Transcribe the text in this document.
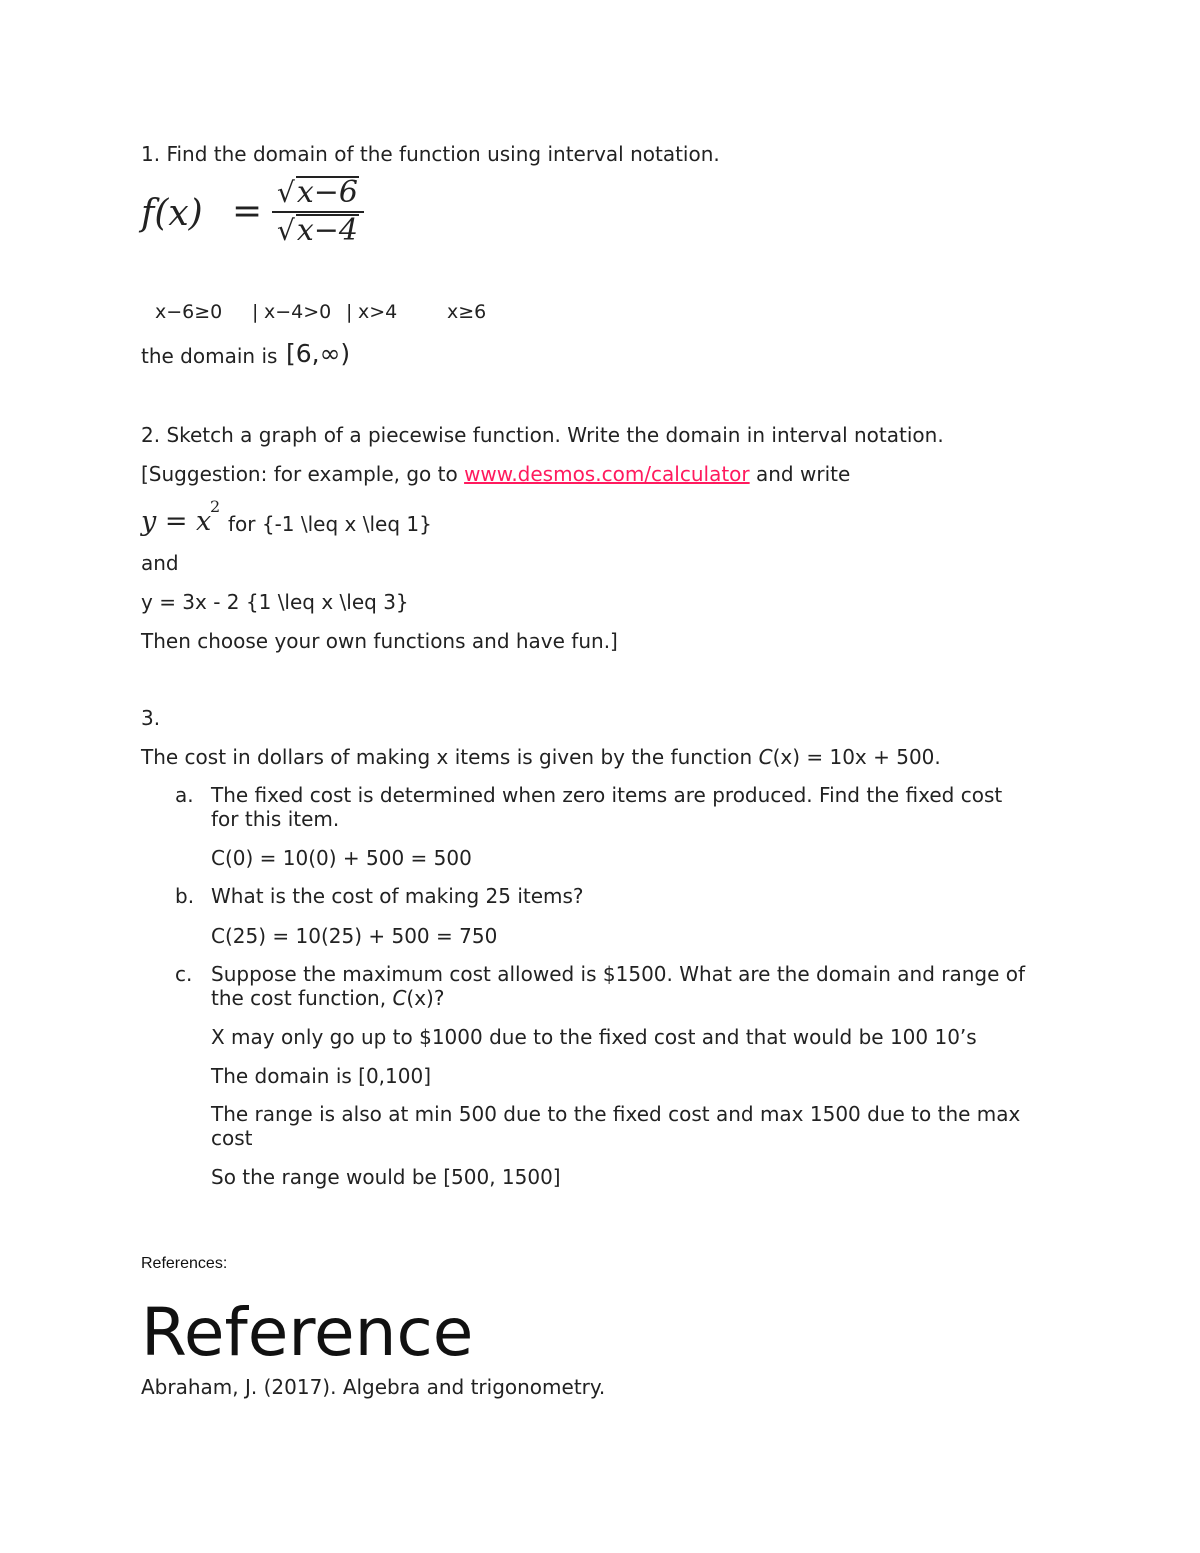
1. Find the domain of the function using interval notation.
f(x) = √ x−6
√ x−4
x−6≥0 | x−4>0 | x>4	x≥6
the domain is [6,∞)
2. Sketch a graph of a piecewise function. Write the domain in interval notation.
[Suggestion: for example, go to www.desmos.com/calculator and write
y = x
2
for {-1 \leq x \leq 1}
and
y = 3x - 2 {1 \leq x \leq 3}
Then choose your own functions and have fun.]
3.
The cost in dollars of making x items is given by the function C(x) = 10x + 500.
a. The fixed cost is determined when zero items are produced. Find the fixed cost
for this item.
C(0) = 10(0) + 500 = 500
b. What is the cost of making 25 items?
C(25) = 10(25) + 500 = 750
c. Suppose the maximum cost allowed is $1500. What are the domain and range of
the cost function, C(x)?
X may only go up to $1000 due to the fixed cost and that would be 100 10’s
The domain is [0,100]
The range is also at min 500 due to the fixed cost and max 1500 due to the max
cost
So the range would be [500, 1500]
References:
Reference
Abraham, J. (2017). Algebra and trigonometry.
